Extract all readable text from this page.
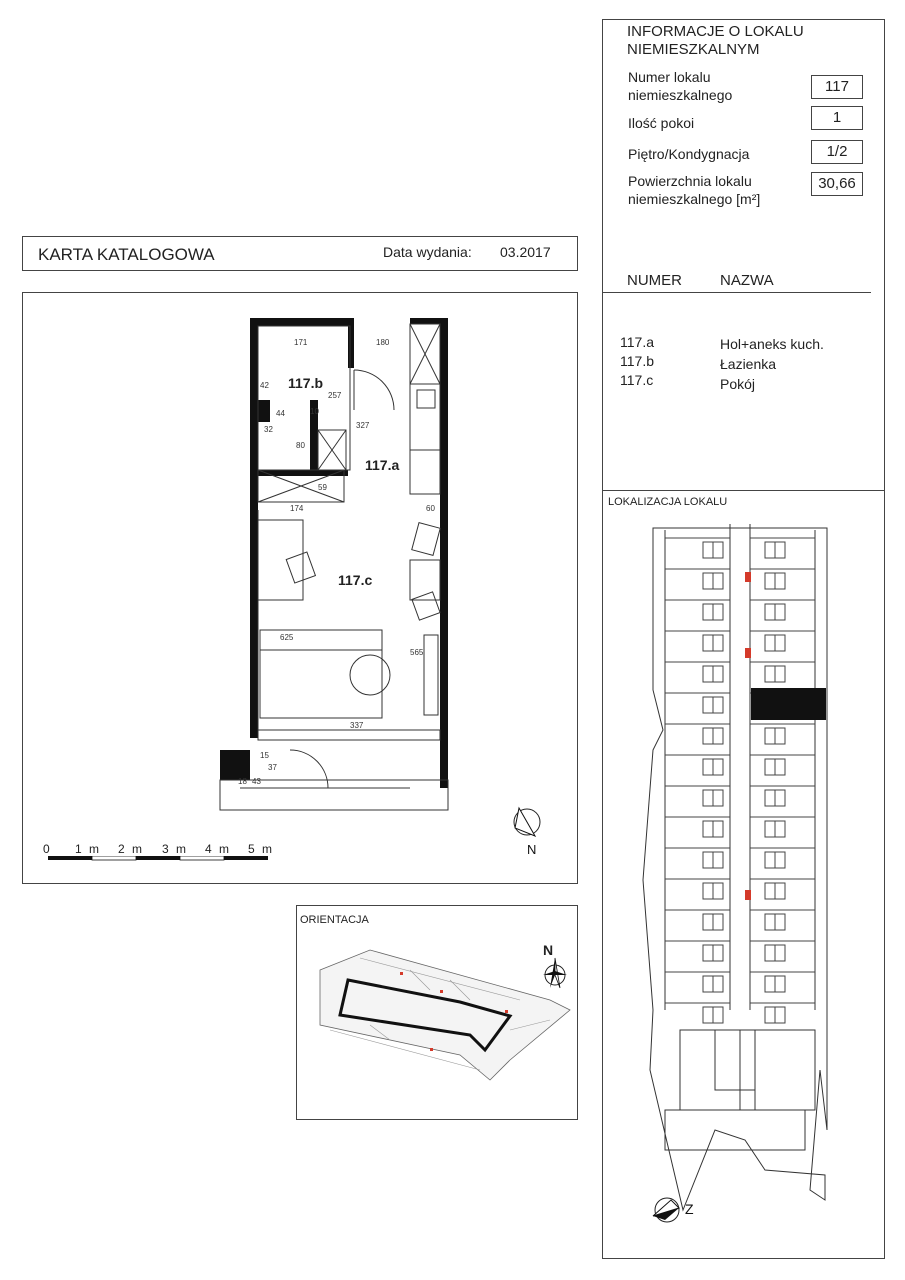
INFORMACJE O LOKALU
NIEMIESZKALNYM
Numer lokalu
niemieszkalnego	117
Ilość pokoi	1
Piętro/Kondygnacja	1/2
Powierzchnia lokalu
niemieszkalnego [m²]
30,66
NUMER	NAZWA
117.a	Hol+aneks kuch.
117.b	Łazienka
117.c	Pokój
LOKALIZACJA LOKALU
Z
KARTA KATALOGOWA	Data wydania: 03.2017
117.b
117.a
117.c
171	180
42
257
44	10
327
32
80
59
174	60
625
565
337
18 43
15
37
N
0 1 m 2 m 3 m 4 m 5 m
ORIENTACJA
N
